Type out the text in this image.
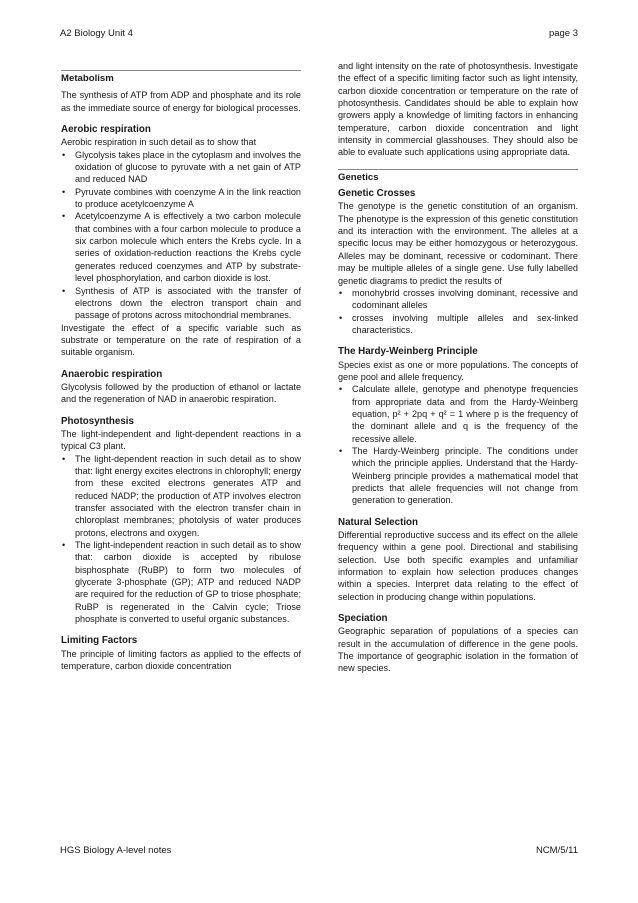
A2 Biology Unit 4	page 3
Metabolism
The synthesis of ATP from ADP and phosphate and its role as the immediate source of energy for biological processes.
Aerobic respiration
Aerobic respiration in such detail as to show that
• Glycolysis takes place in the cytoplasm and involves the oxidation of glucose to pyruvate with a net gain of ATP and reduced NAD
• Pyruvate combines with coenzyme A in the link reaction to produce acetylcoenzyme A
• Acetylcoenzyme A is effectively a two carbon molecule that combines with a four carbon molecule to produce a six carbon molecule which enters the Krebs cycle. In a series of oxidation-reduction reactions the Krebs cycle generates reduced coenzymes and ATP by substrate-level phosphorylation, and carbon dioxide is lost.
• Synthesis of ATP is associated with the transfer of electrons down the electron transport chain and passage of protons across mitochondrial membranes.
Investigate the effect of a specific variable such as substrate or temperature on the rate of respiration of a suitable organism.
Anaerobic respiration
Glycolysis followed by the production of ethanol or lactate and the regeneration of NAD in anaerobic respiration.
Photosynthesis
The light-independent and light-dependent reactions in a typical C3 plant.
• The light-dependent reaction in such detail as to show that: light energy excites electrons in chlorophyll; energy from these excited electrons generates ATP and reduced NADP; the production of ATP involves electron transfer associated with the electron transfer chain in chloroplast membranes; photolysis of water produces protons, electrons and oxygen.
• The light-independent reaction in such detail as to show that: carbon dioxide is accepted by ribulose bisphosphate (RuBP) to form two molecules of glycerate 3-phosphate (GP); ATP and reduced NADP are required for the reduction of GP to triose phosphate; RuBP is regenerated in the Calvin cycle; Triose phosphate is converted to useful organic substances.
Limiting Factors
The principle of limiting factors as applied to the effects of temperature, carbon dioxide concentration
and light intensity on the rate of photosynthesis. Investigate the effect of a specific limiting factor such as light intensity, carbon dioxide concentration or temperature on the rate of photosynthesis. Candidates should be able to explain how growers apply a knowledge of limiting factors in enhancing temperature, carbon dioxide concentration and light intensity in commercial glasshouses. They should also be able to evaluate such applications using appropriate data.
Genetics
Genetic Crosses
The genotype is the genetic constitution of an organism. The phenotype is the expression of this genetic constitution and its interaction with the environment. The alleles at a specific locus may be either homozygous or heterozygous. Alleles may be dominant, recessive or codominant. There may be multiple alleles of a single gene. Use fully labelled genetic diagrams to predict the results of
• monohybrid crosses involving dominant, recessive and codominant alleles
• crosses involving multiple alleles and sex-linked characteristics.
The Hardy-Weinberg Principle
Species exist as one or more populations. The concepts of gene pool and allele frequency.
• Calculate allele, genotype and phenotype frequencies from appropriate data and from the Hardy-Weinberg equation, p² + 2pq + q² = 1 where p is the frequency of the dominant allele and q is the frequency of the recessive allele.
• The Hardy-Weinberg principle. The conditions under which the principle applies. Understand that the Hardy-Weinberg principle provides a mathematical model that predicts that allele frequencies will not change from generation to generation.
Natural Selection
Differential reproductive success and its effect on the allele frequency within a gene pool. Directional and stabilising selection. Use both specific examples and unfamiliar information to explain how selection produces changes within a species. Interpret data relating to the effect of selection in producing change within populations.
Speciation
Geographic separation of populations of a species can result in the accumulation of difference in the gene pools. The importance of geographic isolation in the formation of new species.
HGS Biology A-level notes	NCM/5/11
